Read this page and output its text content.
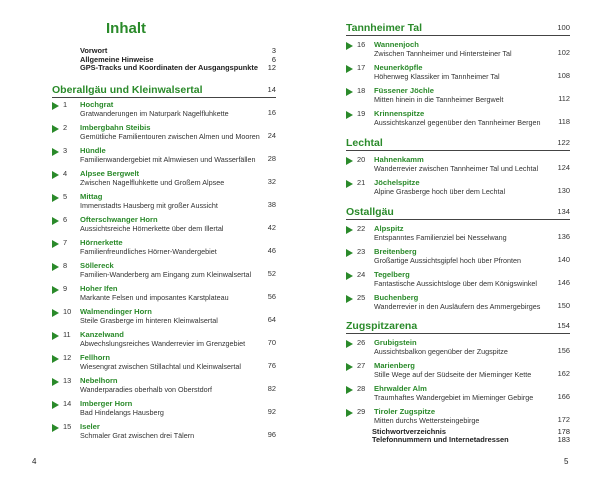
Inhalt
Vorwort	3
Allgemeine Hinweise	6
GPS-Tracks und Koordinaten der Ausgangspunkte 12
Oberallgäu und Kleinwalsertal	14
1 Hochgrat
Gratwanderungen im Naturpark Nagelfluhkette	16
2 Imbergbahn Steibis
Gemütliche Familientouren zwischen Almen und Mooren 24
3 Hündle
Familienwandergebiet mit Almwiesen und Wasserfällen 28
4 Alpsee Bergwelt
Zwischen Nagelfluhkette und Großem Alpsee	32
5 Mittag
Immenstadts Hausberg mit großer Aussicht	38
6 Ofterschwanger Horn
Aussichtsreiche Hörnerkette über dem Illertal	42
7 Hörnerkette
Familienfreundliches Hörner-Wandergebiet	46
8 Söllereck
Familien-Wanderberg am Eingang zum Kleinwalsertal 52
9 Hoher Ifen
Markante Felsen und imposantes Karstplateau	56
10 Walmendinger Horn
Steile Grasberge im hinteren Kleinwalsertal	64
11 Kanzelwand
Abwechslungsreiches Wanderrevier im Grenzgebiet	70
12 Fellhorn
Wiesengrat zwischen Stillachtal und Kleinwalsertal	76
13 Nebelhorn
Wanderparadies oberhalb von Oberstdorf	82
14 Imberger Horn
Bad Hindelangs Hausberg	92
15 Iseler
Schmaler Grat zwischen drei Tälern	96
4
Tannheimer Tal	100
16 Wannenjoch
Zwischen Tannheimer und Hintersteiner Tal	102
17 Neunerköpfle
Höhenweg Klassiker im Tannheimer Tal	108
18 Füssener Jöchle
Mitten hinein in die Tannheimer Bergwelt	112
19 Krinnenspitze
Aussichtskanzel gegenüber den Tannheimer Bergen 118
Lechtal	122
20 Hahnenkamm
Wanderrevier zwischen Tannheimer Tal und Lechtal	124
21 Jöchelspitze
Alpine Grasberge hoch über dem Lechtal	130
Ostallgäu	134
22 Alpspitz
Entspanntes Familienziel bei Nesselwang	136
23 Breitenberg
Großartige Aussichtsgipfel hoch über Pfronten	140
24 Tegelberg
Fantastische Aussichtsloge über dem Königswinkel	146
25 Buchenberg
Wanderrevier in den Ausläufern des Ammergebirges 150
Zugspitzarena	154
26 Grubigstein
Aussichtsbalkon gegenüber der Zugspitze	156
27 Marienberg
Stille Wege auf der Südseite der Mieminger Kette	162
28 Ehrwalder Alm
Traumhaftes Wandergebiet im Mieminger Gebirge	166
29 Tiroler Zugspitze
Mitten durchs Wettersteingebirge	172
Stichwortverzeichnis	178
Telefonnummern und Internetadressen	183
5
